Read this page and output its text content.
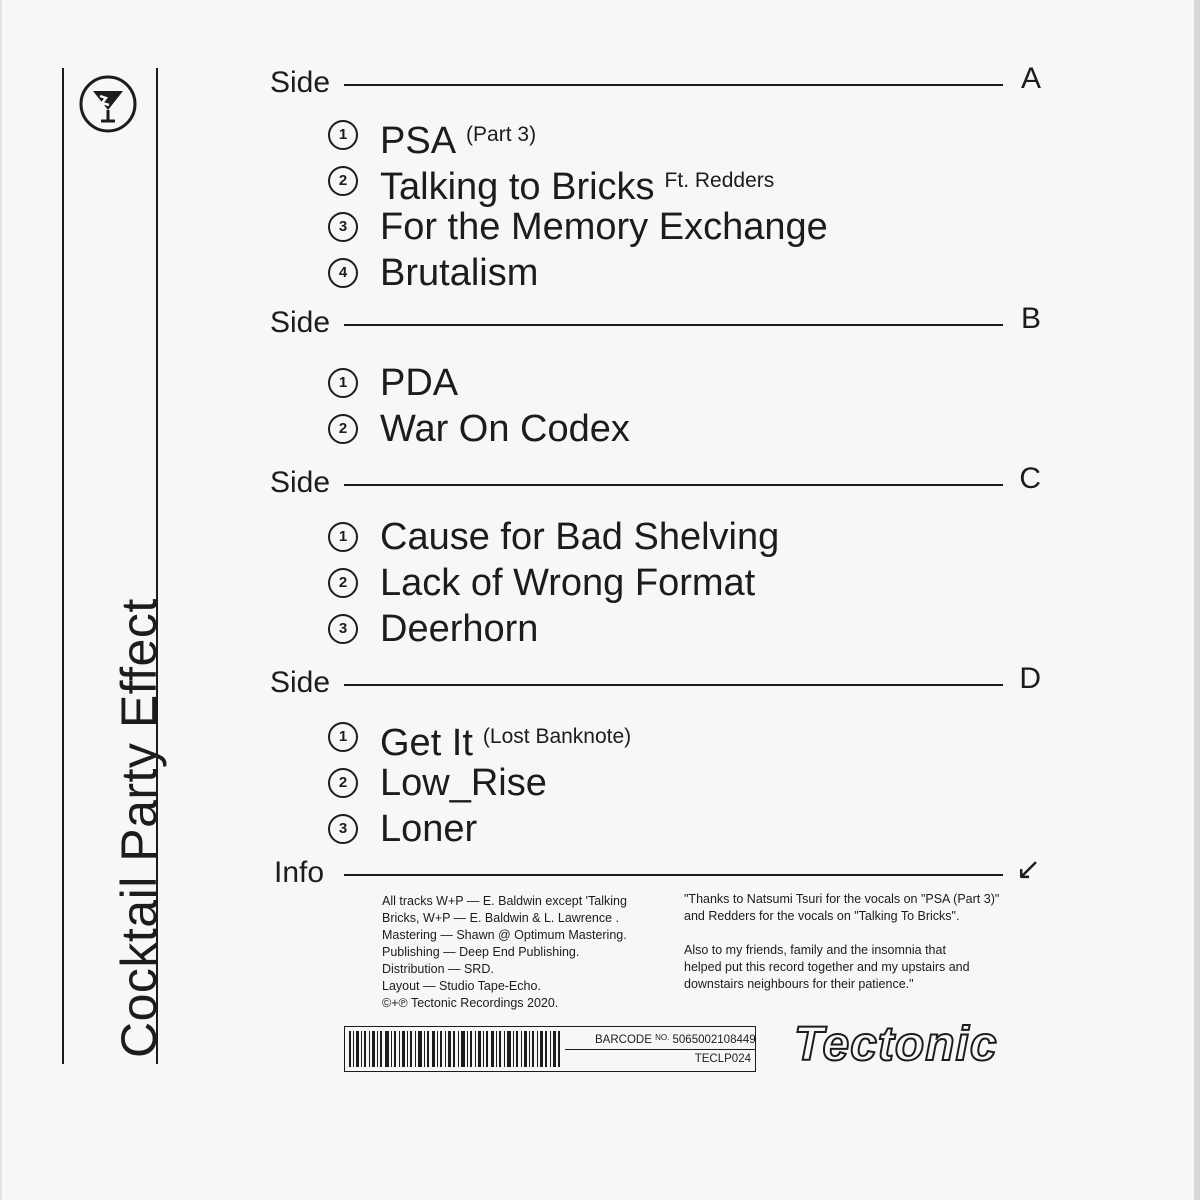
Cocktail Party Effect
Side	A
1 PSA $^{(Part 3)}$
2 Talking to Bricks $^{Ft. Redders}$
3 For the Memory Exchange
4 Brutalism
Side	B
1 PDA
2 War On Codex
Side	C
1 Cause for Bad Shelving
2 Lack of Wrong Format
3 Deerhorn
Side	D
1 Get It $^{(Lost Banknote)}$
2 Low_Rise
3 Loner
Info	↙
All tracks W+P — E. Baldwin except 'Talking
Bricks, W+P — E. Baldwin & L. Lawrence .
Mastering — Shawn @ Optimum Mastering.
Publishing — Deep End Publishing.
Distribution — SRD.
Layout — Studio Tape-Echo.
©+℗ Tectonic Recordings 2020.
"Thanks to Natsumi Tsuri for the vocals on "PSA (Part 3)"
and Redders for the vocals on "Talking To Bricks".

Also to my friends, family and the insomnia that
helped put this record together and my upstairs and
downstairs neighbours for their patience."
BARCODE $^{NO.}$ 5065002108449
TECLP024 Tectonic
